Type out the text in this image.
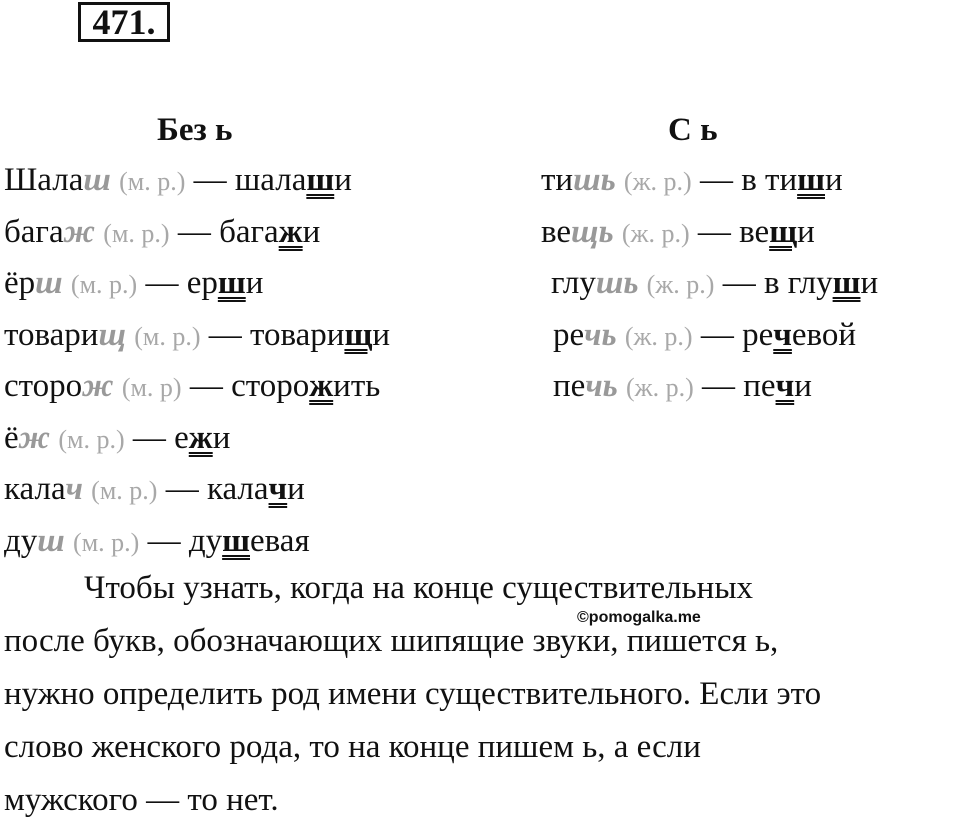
471 .
Без ь	С ь
Шалаш (м. р.) — шалаши
багаж (м. р.) — багажи
ёрш (м. р.) — ерши
товарищ (м. р.) — товарищи
сторож (м. р) — сторожить
ёж (м. р.) — ежи
калач (м. р.) — калачи
душ (м. р.) — душевая
тишь (ж. р.) — в тиши
вещь (ж. р.) — вещи
глушь (ж. р.) — в глуши
речь (ж. р.) — речевой
печь (ж. р.) — печи

Чтобы узнать, когда на конце существительных
после букв, обозначающих шипящие звуки, пишется ь,
нужно определить род имени существительного. Если это
слово женского рода, то на конце пишем ь, а если
мужского — то нет.

©pomogalka.me
